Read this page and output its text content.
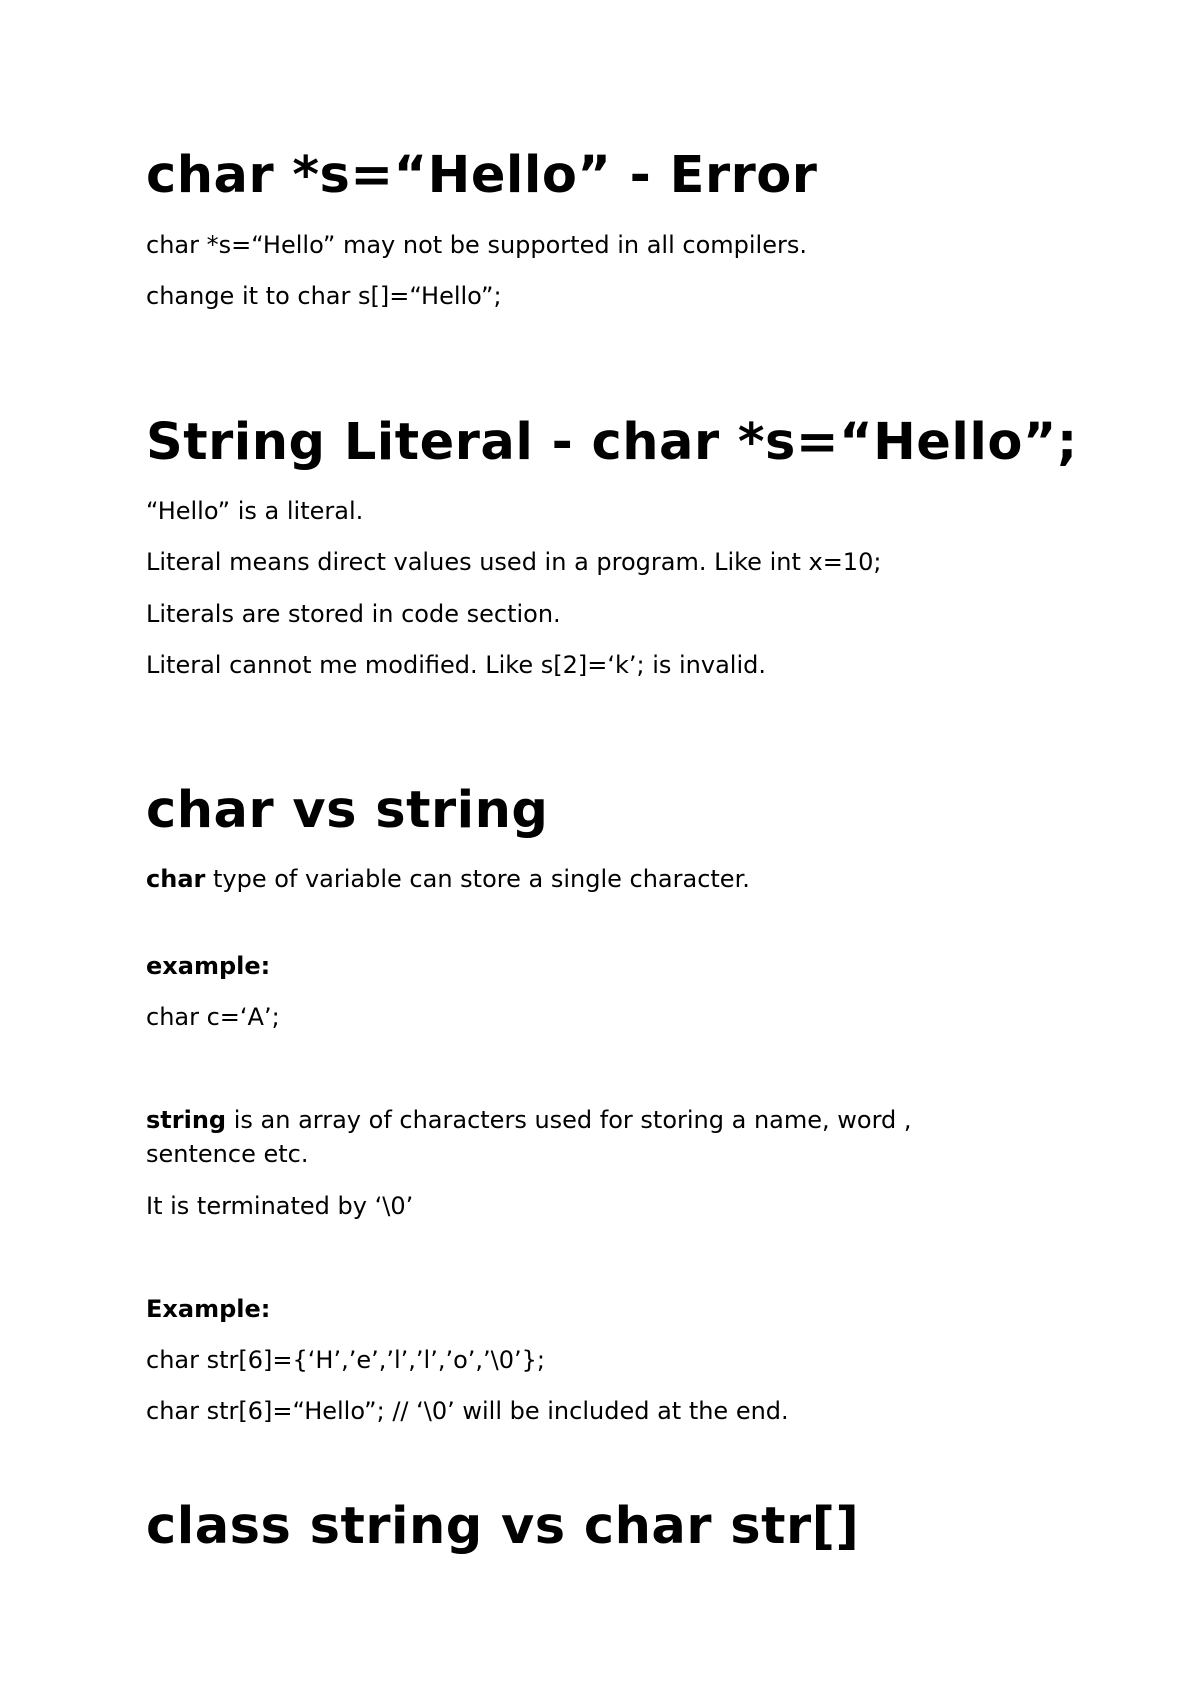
char *s=“Hello” - Error

char *s=“Hello” may not be supported in all compilers.

change it to char s[]=“Hello”;

String Literal - char *s=“Hello”;

“Hello” is a literal.

Literal means direct values used in a program. Like int x=10;

Literals are stored in code section.

Literal cannot me modified. Like s[2]=‘k’; is invalid.

char vs string

char type of variable can store a single character.

example:

char c=‘A’;

string is an array of characters used for storing a name, word , sentence etc.

It is terminated by ‘\0’

Example:

char str[6]={‘H’,’e’,’l’,’l’,’o’,’\0’};

char str[6]=“Hello”; // ‘\0’ will be included at the end.

class string vs char str[]
